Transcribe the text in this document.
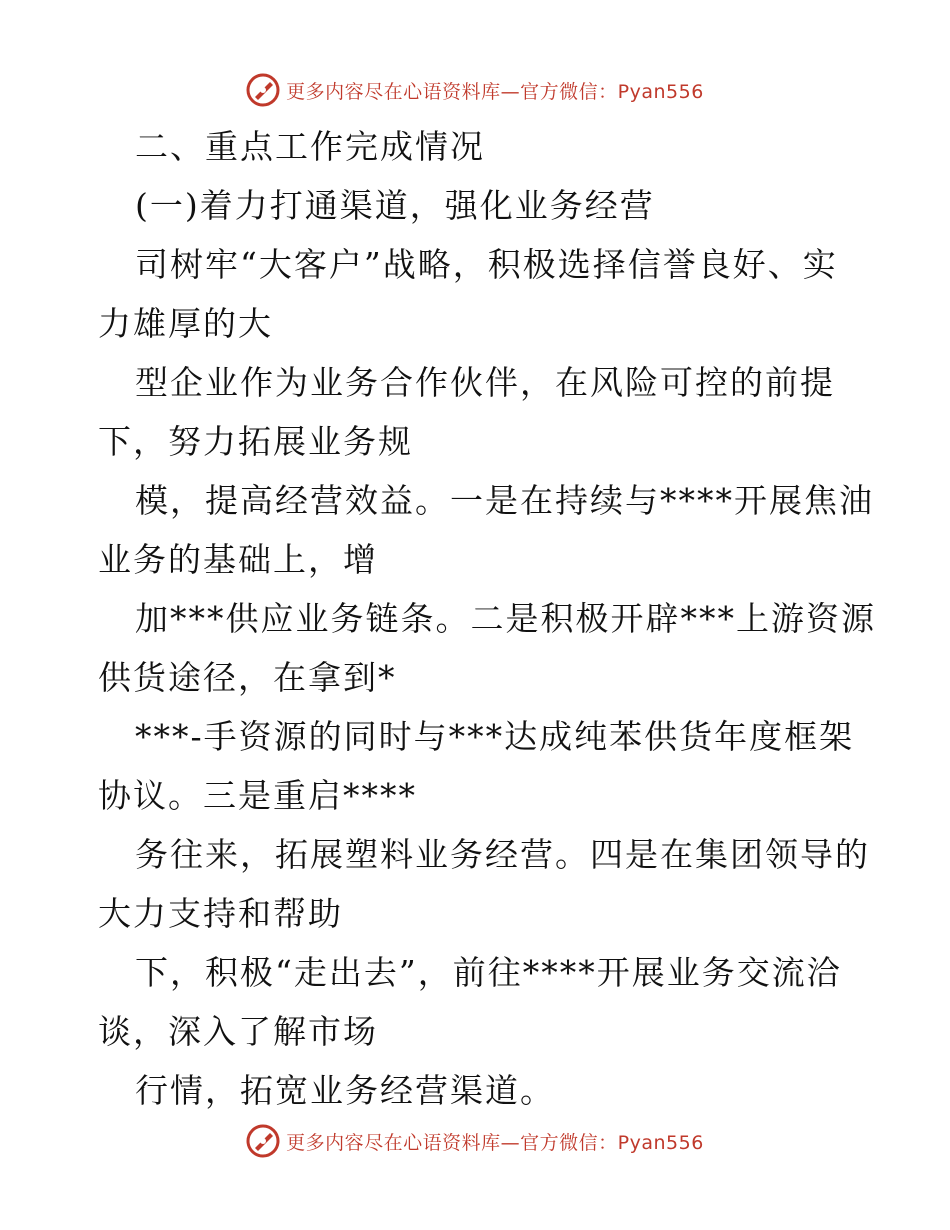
更多内容尽在心语资料库—官方微信：Pyan556
二、重点工作完成情况
(一)着力打通渠道，强化业务经营
司树牢“大客户”战略，积极选择信誉良好、实
力雄厚的大
型企业作为业务合作伙伴，在风险可控的前提
下，努力拓展业务规
模，提高经营效益。一是在持续与****开展焦油
业务的基础上，增
加***供应业务链条。二是积极开辟***上游资源
供货途径，在拿到*
***-手资源的同时与***达成纯苯供货年度框架
协议。三是重启****
务往来，拓展塑料业务经营。四是在集团领导的
大力支持和帮助
下，积极“走出去”，前往****开展业务交流洽
谈，深入了解市场
行情，拓宽业务经营渠道。
更多内容尽在心语资料库—官方微信：Pyan556
